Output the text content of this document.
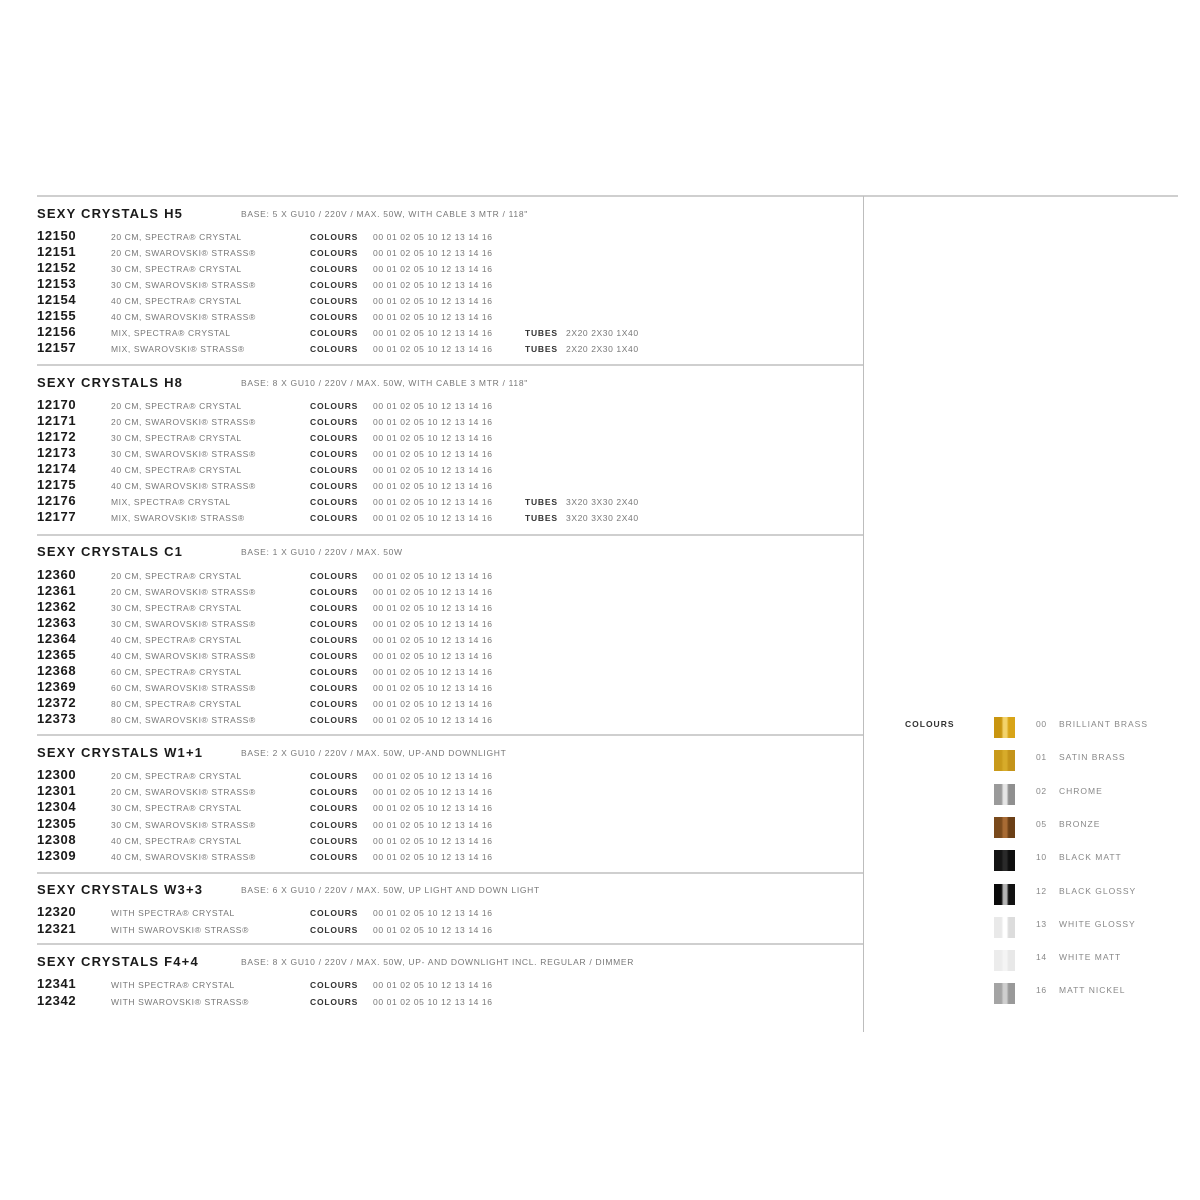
SEXY CRYSTALS H5	BASE: 5 X GU10 / 220V / MAX. 50W, WITH CABLE 3 MTR / 118"
12150	20 CM, SPECTRA® CRYSTAL	COLOURS 00 01 02 05 10 12 13 14 16
12151	20 CM, SWAROVSKI® STRASS®	COLOURS 00 01 02 05 10 12 13 14 16
12152	30 CM, SPECTRA® CRYSTAL	COLOURS 00 01 02 05 10 12 13 14 16
12153	30 CM, SWAROVSKI® STRASS®	COLOURS 00 01 02 05 10 12 13 14 16
12154	40 CM, SPECTRA® CRYSTAL	COLOURS 00 01 02 05 10 12 13 14 16
12155	40 CM, SWAROVSKI® STRASS®	COLOURS 00 01 02 05 10 12 13 14 16
12156	MIX, SPECTRA® CRYSTAL	COLOURS 00 01 02 05 10 12 13 14 16	TUBES 2X20 2X30 1X40
12157	MIX, SWAROVSKI® STRASS®	COLOURS 00 01 02 05 10 12 13 14 16	TUBES 2X20 2X30 1X40
SEXY CRYSTALS H8	BASE: 8 X GU10 / 220V / MAX. 50W, WITH CABLE 3 MTR / 118"
12170	20 CM, SPECTRA® CRYSTAL	COLOURS 00 01 02 05 10 12 13 14 16
12171	20 CM, SWAROVSKI® STRASS®	COLOURS 00 01 02 05 10 12 13 14 16
12172	30 CM, SPECTRA® CRYSTAL	COLOURS 00 01 02 05 10 12 13 14 16
12173	30 CM, SWAROVSKI® STRASS®	COLOURS 00 01 02 05 10 12 13 14 16
12174	40 CM, SPECTRA® CRYSTAL	COLOURS 00 01 02 05 10 12 13 14 16
12175	40 CM, SWAROVSKI® STRASS®	COLOURS 00 01 02 05 10 12 13 14 16
12176	MIX, SPECTRA® CRYSTAL	COLOURS 00 01 02 05 10 12 13 14 16	TUBES 3X20 3X30 2X40
12177	MIX, SWAROVSKI® STRASS®	COLOURS 00 01 02 05 10 12 13 14 16	TUBES 3X20 3X30 2X40
SEXY CRYSTALS C1	BASE: 1 X GU10 / 220V / MAX. 50W
12360	20 CM, SPECTRA® CRYSTAL	COLOURS 00 01 02 05 10 12 13 14 16
12361	20 CM, SWAROVSKI® STRASS®	COLOURS 00 01 02 05 10 12 13 14 16
12362	30 CM, SPECTRA® CRYSTAL	COLOURS 00 01 02 05 10 12 13 14 16
12363	30 CM, SWAROVSKI® STRASS®	COLOURS 00 01 02 05 10 12 13 14 16
12364	40 CM, SPECTRA® CRYSTAL	COLOURS 00 01 02 05 10 12 13 14 16
12365	40 CM, SWAROVSKI® STRASS®	COLOURS 00 01 02 05 10 12 13 14 16
12368	60 CM, SPECTRA® CRYSTAL	COLOURS 00 01 02 05 10 12 13 14 16
12369	60 CM, SWAROVSKI® STRASS®	COLOURS 00 01 02 05 10 12 13 14 16
12372	80 CM, SPECTRA® CRYSTAL	COLOURS 00 01 02 05 10 12 13 14 16
12373	80 CM, SWAROVSKI® STRASS®	COLOURS 00 01 02 05 10 12 13 14 16
SEXY CRYSTALS W1+1	BASE: 2 X GU10 / 220V / MAX. 50W, UP-AND DOWNLIGHT
12300	20 CM, SPECTRA® CRYSTAL	COLOURS 00 01 02 05 10 12 13 14 16
12301	20 CM, SWAROVSKI® STRASS®	COLOURS 00 01 02 05 10 12 13 14 16
12304	30 CM, SPECTRA® CRYSTAL	COLOURS 00 01 02 05 10 12 13 14 16
12305	30 CM, SWAROVSKI® STRASS®	COLOURS 00 01 02 05 10 12 13 14 16
12308	40 CM, SPECTRA® CRYSTAL	COLOURS 00 01 02 05 10 12 13 14 16
12309	40 CM, SWAROVSKI® STRASS®	COLOURS 00 01 02 05 10 12 13 14 16
SEXY CRYSTALS W3+3	BASE: 6 X GU10 / 220V / MAX. 50W, UP LIGHT AND DOWN LIGHT
12320	WITH SPECTRA® CRYSTAL	COLOURS 00 01 02 05 10 12 13 14 16
12321	WITH SWAROVSKI® STRASS®	COLOURS 00 01 02 05 10 12 13 14 16
SEXY CRYSTALS F4+4	BASE: 8 X GU10 / 220V / MAX. 50W, UP- AND DOWNLIGHT INCL. REGULAR / DIMMER
12341	WITH SPECTRA® CRYSTAL	COLOURS 00 01 02 05 10 12 13 14 16
12342	WITH SWAROVSKI® STRASS®	COLOURS 00 01 02 05 10 12 13 14 16
COLOURS	00 BRILLIANT BRASS
01 SATIN BRASS
02 CHROME
05 BRONZE
10 BLACK MATT
12 BLACK GLOSSY
13 WHITE GLOSSY
14 WHITE MATT
16 MATT NICKEL
